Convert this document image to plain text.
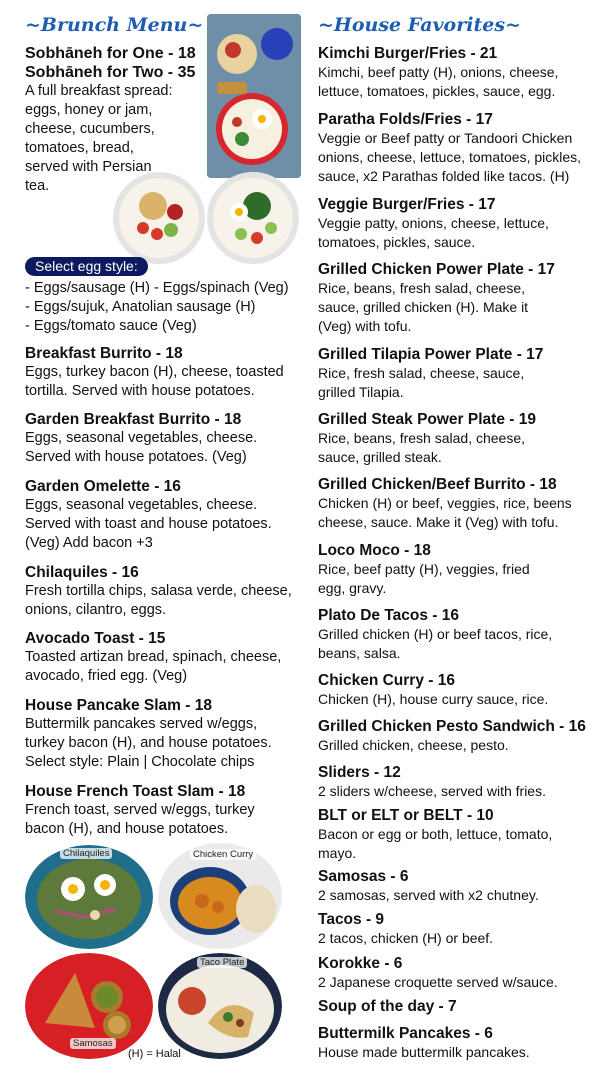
~Brunch Menu~
Sobhāneh for One - 18
Sobhāneh for Two - 35
A full breakfast spread: eggs, honey or jam, cheese, cucumbers, tomatoes, bread, served with Persian tea.
Select egg style:
- Eggs/sausage (H) - Eggs/spinach (Veg)
- Eggs/sujuk, Anatolian sausage (H)
- Eggs/tomato sauce (Veg)
Breakfast Burrito - 18
Eggs, turkey bacon (H), cheese, toasted tortilla. Served with house potatoes.
Garden Breakfast Burrito - 18
Eggs, seasonal vegetables, cheese. Served with house potatoes. (Veg)
Garden Omelette - 16
Eggs, seasonal vegetables, cheese. Served with toast and house potatoes. (Veg) Add bacon +3
Chilaquiles - 16
Fresh tortilla chips, salasa verde, cheese, onions, cilantro, eggs.
Avocado Toast - 15
Toasted artizan bread, spinach, cheese, avocado, fried egg. (Veg)
House Pancake Slam - 18
Buttermilk pancakes served w/eggs, turkey bacon (H), and house potatoes. Select style: Plain | Chocolate chips
House French Toast Slam - 18
French toast, served w/eggs, turkey bacon (H), and house potatoes.
Chilaquiles	Chicken Curry
Samosas
Taco Plate
(H) = Halal
~House Favorites~
Kimchi Burger/Fries - 21
Kimchi, beef patty (H), onions, cheese, lettuce, tomatoes, pickles, sauce, egg.
Paratha Folds/Fries - 17
Veggie or Beef patty or Tandoori Chicken onions, cheese, lettuce, tomatoes, pickles, sauce, x2 Parathas folded like tacos. (H)
Veggie Burger/Fries - 17
Veggie patty, onions, cheese, lettuce, tomatoes, pickles, sauce.
Grilled Chicken Power Plate - 17
Rice, beans, fresh salad, cheese, sauce, grilled chicken (H). Make it (Veg) with tofu.
Grilled Tilapia Power Plate - 17
Rice, fresh salad, cheese, sauce, grilled Tilapia.
Grilled Steak Power Plate - 19
Rice, beans, fresh salad, cheese, sauce, grilled steak.
Grilled Chicken/Beef Burrito - 18
Chicken (H) or beef, veggies, rice, beens cheese, sauce. Make it (Veg) with tofu.
Loco Moco - 18
Rice, beef patty (H), veggies, fried egg, gravy.
Plato De Tacos - 16
Grilled chicken (H) or beef tacos, rice, beans, salsa.
Chicken Curry - 16
Chicken (H), house curry sauce, rice.
Grilled Chicken Pesto Sandwich - 16
Grilled chicken, cheese, pesto.
Sliders - 12
2 sliders w/cheese, served with fries.
BLT or ELT or BELT - 10
Bacon or egg or both, lettuce, tomato, mayo.
Samosas - 6
2 samosas, served with x2 chutney.
Tacos - 9
2 tacos, chicken (H) or beef.
Korokke - 6
2 Japanese croquette served w/sauce.
Soup of the day - 7
Buttermilk Pancakes - 6
House made buttermilk pancakes.
